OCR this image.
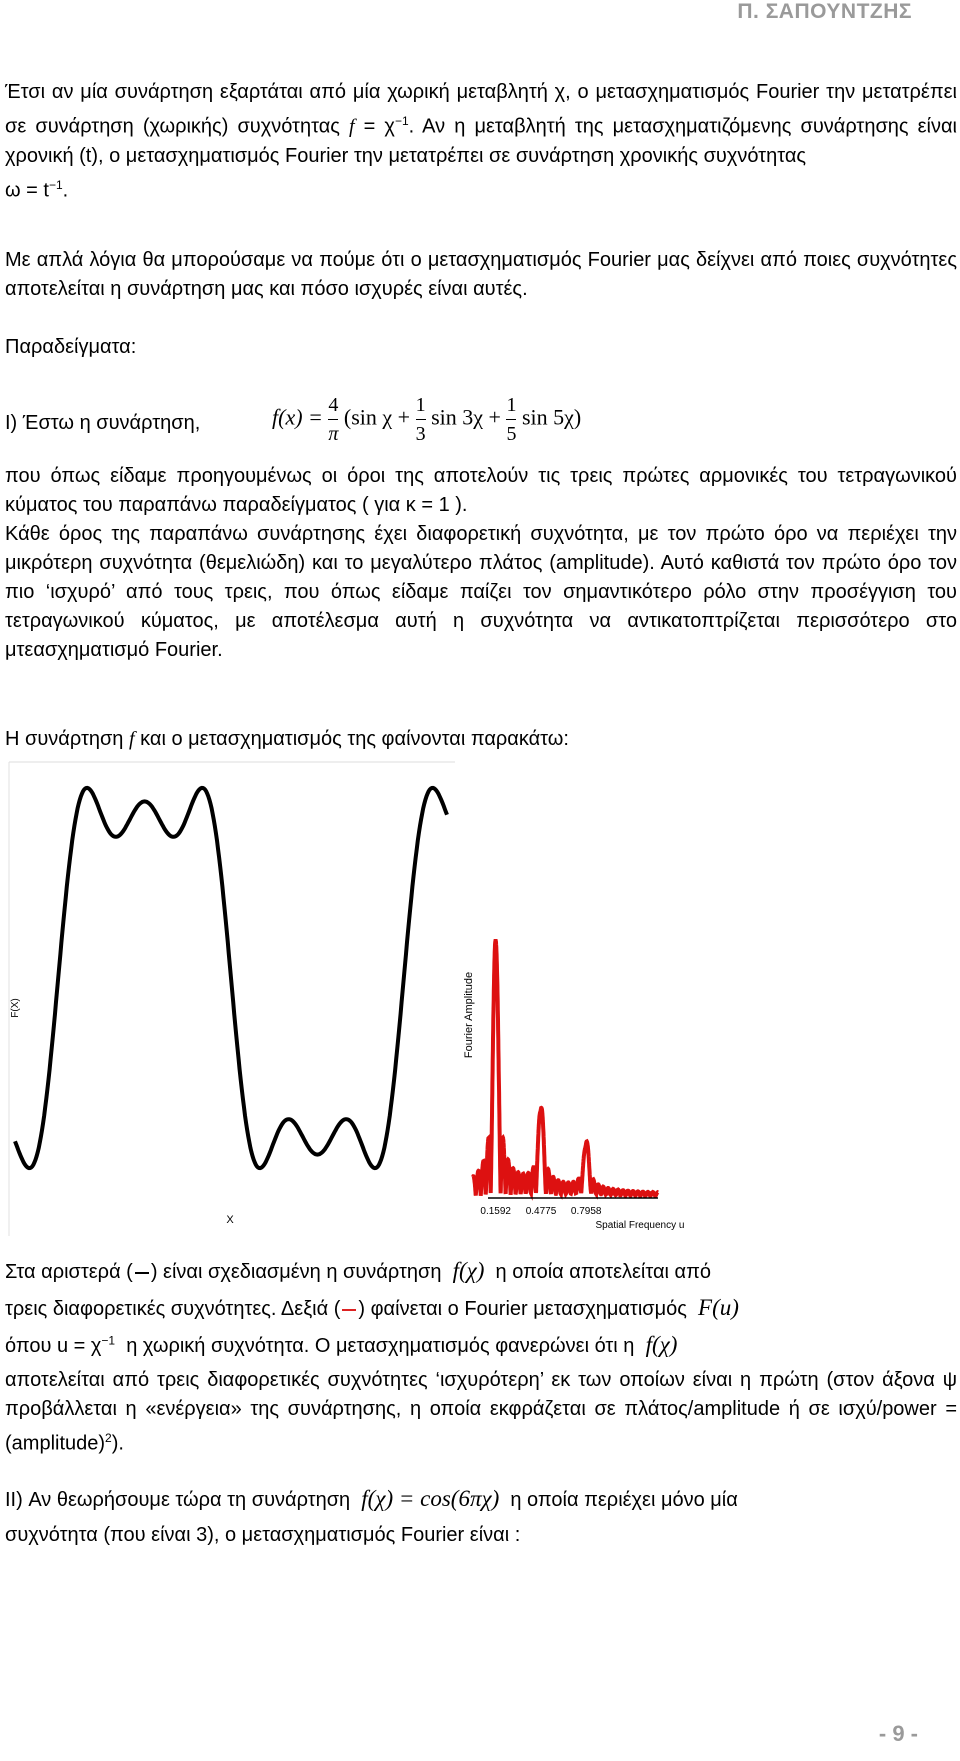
Π. ΣΑΠΟΥΝΤΖΗΣ

Έτσι αν μία συνάρτηση εξαρτάται από μία χωρική μεταβλητή χ, ο μετασχηματισμός Fourier την μετατρέπει σε συνάρτηση (χωρικής) συχνότητας $f = \chi^{-1}$. Αν η μεταβλητή της μετασχηματιζόμενης συνάρτησης είναι χρονική (t), ο μετασχηματισμός Fourier την μετατρέπει σε συνάρτηση χρονικής συχνότητας
$\omega = t^{-1}$.

Με απλά λόγια θα μπορούσαμε να πούμε ότι ο μετασχηματισμός Fourier μας δείχνει από ποιες συχνότητες αποτελείται η συνάρτηση μας και πόσο ισχυρές είναι αυτές.

Παραδείγματα:
I) Έστω η συνάρτηση,	$f(x) = \frac{4}{\pi} (\sin$ $\chi + \frac{1}{3}$ $\sin 3\chi + \frac{1}{5}$ sin 5χ)

που όπως είδαμε προηγουμένως οι όροι της αποτελούν τις τρεις πρώτες αρμονικές του τετραγωνικού κύματος του παραπάνω παραδείγματος ( για κ = 1 ).

Κάθε όρος της παραπάνω συνάρτησης έχει διαφορετική συχνότητα, με τον πρώτο όρο να περιέχει την μικρότερη συχνότητα (θεμελιώδη) και το μεγαλύτερο πλάτος (amplitude). Αυτό καθιστά τον πρώτο όρο τον πιο ‘ισχυρό’ από τους τρεις, που όπως είδαμε παίζει τον σημαντικότερο ρόλο στην προσέγγιση του τετραγωνικού κύματος, με αποτέλεσμα αυτή η συχνότητα να αντικατοπτρίζεται περισσότερο στο μτεασχηματισμό Fourier.

Η συνάρτηση f και ο μετασχηματισμός της φαίνονται παρακάτω:
F(X)
X
Fourier Amplitude
0.1592 0.4775 0.7958
Spatial Frequency u
Στα αριστερά ( ) είναι σχεδιασμένη η συνάρτηση f(χ) η οποία αποτελείται από
τρεις διαφορετικές συχνότητες. Δεξιά ( ) φαίνεται ο Fourier μετασχηματισμός F(u)
όπου $u = \chi^{-1}$ η χωρική συχνότητα. Ο μετασχηματισμός φανερώνει ότι η f(χ)

αποτελείται από τρεις διαφορετικές συχνότητες ‘ισχυρότερη’ εκ των οποίων είναι η πρώτη (στον άξονα ψ προβάλλεται η «ενέργεια» της συνάρτησης, η οποία εκφράζεται σε πλάτος/amplitude ή σε ισχύ/power = (amplitude)$^2$).

II) Αν θεωρήσουμε τώρα τη συνάρτηση f(χ) = cos(6πχ) η οποία περιέχει μόνο μία
συχνότητα (που είναι 3), ο μετασχηματισμός Fourier είναι :
- 9 -
